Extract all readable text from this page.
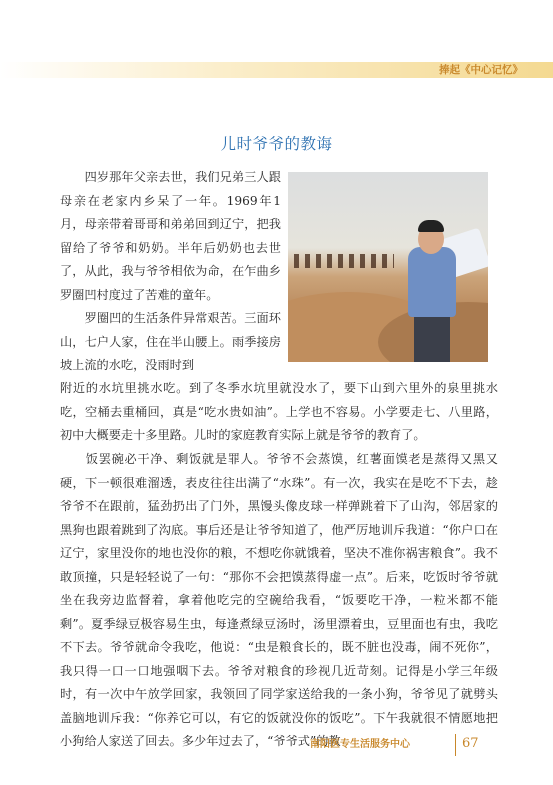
捧起《中心记忆》
儿时爷爷的教诲

　　四岁那年父亲去世，我们兄弟三人跟母亲在老家内乡呆了一年。1969年1月，母亲带着哥哥和弟弟回到辽宁，把我留给了爷爷和奶奶。半年后奶奶也去世了，从此，我与爷爷相依为命，在乍曲乡罗圈凹村度过了苦难的童年。

　　罗圈凹的生活条件异常艰苦。三面环山，七户人家，住在半山腰上。雨季接房坡上流的水吃，没雨时到

附近的水坑里挑水吃。到了冬季水坑里就没水了，要下山到六里外的泉里挑水吃，空桶去重桶回，真是“吃水贵如油”。上学也不容易。小学要走七、八里路，初中大概要走十多里路。儿时的家庭教育实际上就是爷爷的教育了。

　　饭罢碗必干净、剩饭就是罪人。爷爷不会蒸馍，红薯面馍老是蒸得又黑又硬，下一顿很难溜透，表皮往往出满了“水珠”。有一次，我实在是吃不下去，趁爷爷不在跟前，猛劲扔出了门外，黑馒头像皮球一样弹跳着下了山沟，邻居家的黑狗也跟着跳到了沟底。事后还是让爷爷知道了，他严厉地训斥我道：“你户口在辽宁，家里没你的地也没你的粮，不想吃你就饿着，坚决不准你祸害粮食”。我不敢顶撞，只是轻轻说了一句：“那你不会把馍蒸得虚一点”。后来，吃饭时爷爷就坐在我旁边监督着，拿着他吃完的空碗给我看，“饭要吃干净，一粒米都不能剩”。夏季绿豆极容易生虫，每逢煮绿豆汤时，汤里漂着虫，豆里面也有虫，我吃不下去。爷爷就命令我吃，他说：“虫是粮食长的，既不脏也没毒，闹不死你”，我只得一口一口地强咽下去。爷爷对粮食的珍视几近苛刻。记得是小学三年级时，有一次中午放学回家，我领回了同学家送给我的一条小狗，爷爷见了就劈头盖脑地训斥我：“你养它可以，有它的饭就没你的饭吃”。下午我就很不情愿地把小狗给人家送了回去。多少年过去了，“爷爷式”的教

南阳医专生活服务中心	67
